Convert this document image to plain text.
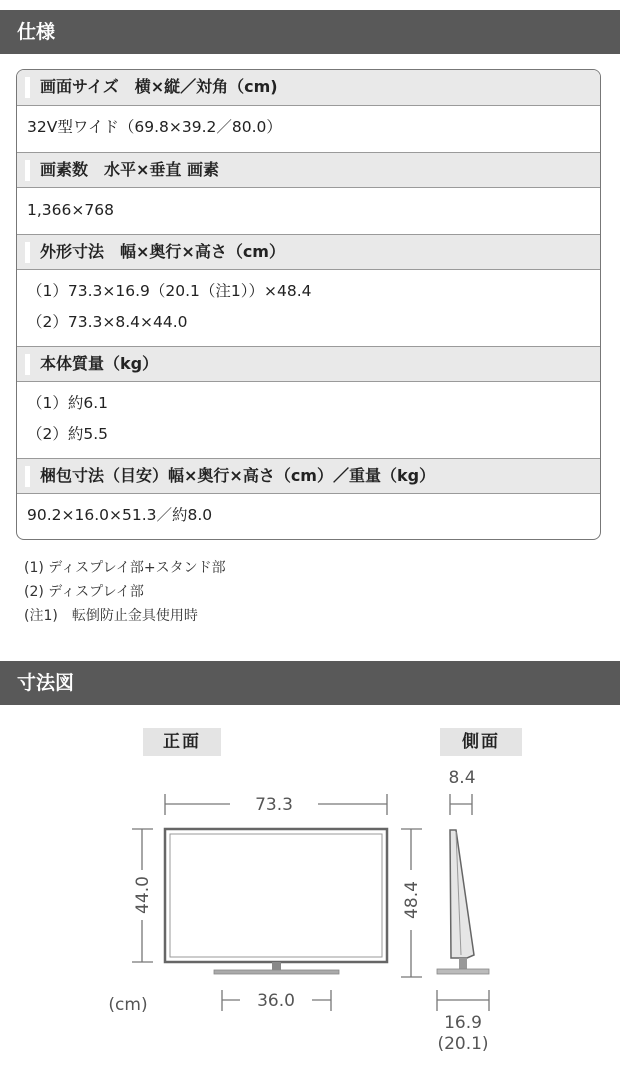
仕様
画面サイズ　横×縦／対角（cm)
32V型ワイド（69.8×39.2／80.0）
画素数　水平×垂直 画素
1,366×768
外形寸法　幅×奥行×高さ（cm）
（1）73.3×16.9（20.1（注1））×48.4
（2）73.3×8.4×44.0
本体質量（kg）
（1）約6.1
（2）約5.5
梱包寸法（目安）幅×奥行×高さ（cm）／重量（kg）
90.2×16.0×51.3／約8.0
(1) ディスプレイ部+スタンド部
(2) ディスプレイ部
(注1)　転倒防止金具使用時
寸法図
正面	側面
73.3
44.0	48.4
36.0
8.4
16.9
(20.1)
(cm)
